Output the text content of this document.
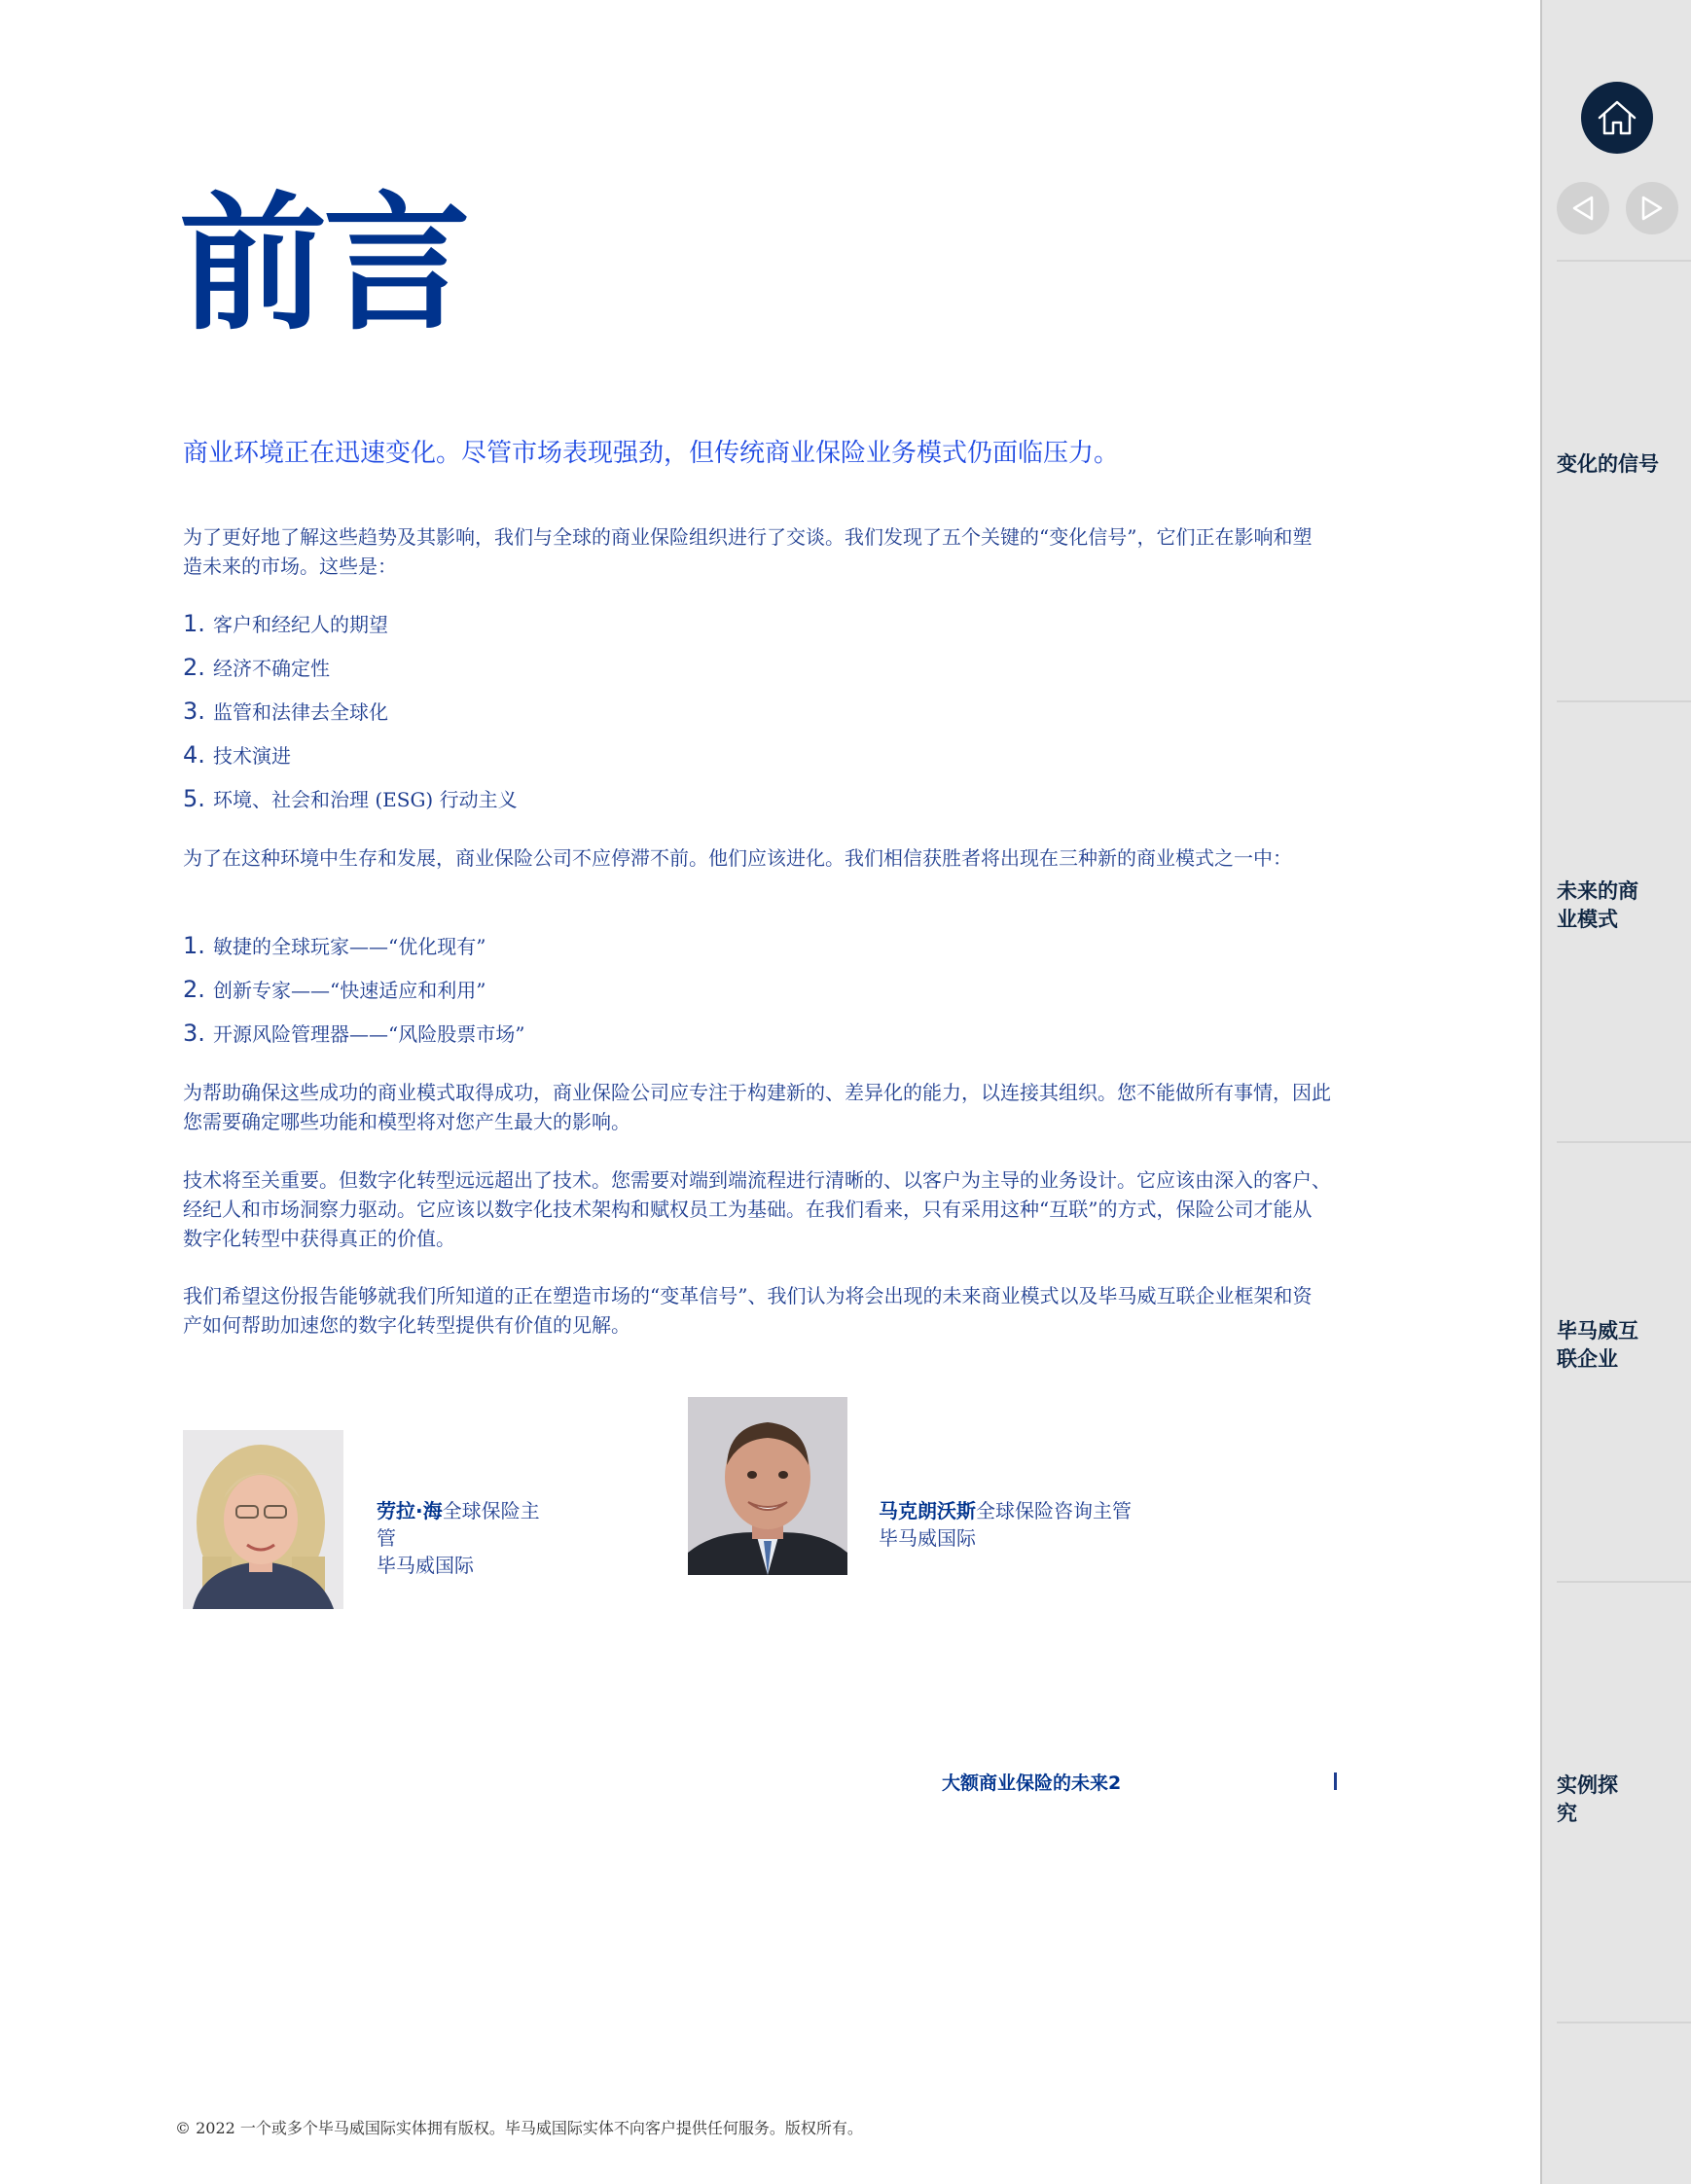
前言

商业环境正在迅速变化。尽管市场表现强劲，但传统商业保险业务模式仍面临压力。

为了更好地了解这些趋势及其影响，我们与全球的商业保险组织进行了交谈。我们发现了五个关键的“变化信号”，它们正在影响和塑造未来的市场。这些是：

1. 客户和经纪人的期望
2. 经济不确定性
3. 监管和法律去全球化
4. 技术演进
5. 环境、社会和治理 (ESG) 行动主义

为了在这种环境中生存和发展，商业保险公司不应停滞不前。他们应该进化。我们相信获胜者将出现在三种新的商业模式之一中：

1. 敏捷的全球玩家——“优化现有”
2. 创新专家——“快速适应和利用”
3. 开源风险管理器——“风险股票市场”

为帮助确保这些成功的商业模式取得成功，商业保险公司应专注于构建新的、差异化的能力，以连接其组织。您不能做所有事情，因此您需要确定哪些功能和模型将对您产生最大的影响。

技术将至关重要。但数字化转型远远超出了技术。您需要对端到端流程进行清晰的、以客户为主导的业务设计。它应该由深入的客户、经纪人和市场洞察力驱动。它应该以数字化技术架构和赋权员工为基础。在我们看来，只有采用这种“互联”的方式，保险公司才能从数字化转型中获得真正的价值。

我们希望这份报告能够就我们所知道的正在塑造市场的“变革信号”、我们认为将会出现的未来商业模式以及毕马威互联企业框架和资产如何帮助加速您的数字化转型提供有价值的见解。

劳拉·海全球保险主管
毕马威国际
马克朗沃斯全球保险咨询主管
毕马威国际
大额商业保险的未来2
© 2022 一个或多个毕马威国际实体拥有版权。毕马威国际实体不向客户提供任何服务。版权所有。
变化的信号
未来的商业模式
毕马威互联企业
实例探究
